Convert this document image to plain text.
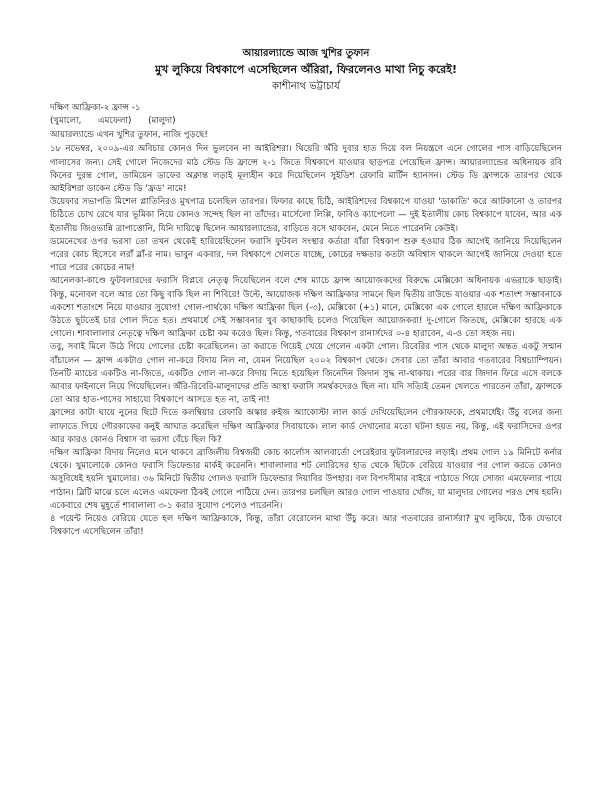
আয়ারল্যান্ডে আজ খুশির তুফান

মুখ লুকিয়ে বিশ্বকাপে এসেছিলেন অঁরিরা, ফিরলেনও মাথা নিচু করেই!

কাশীনাথ ভট্টাচার্য

দক্ষিণ আফ্রিকা-২ ফ্রান্স -১

(খুমালো, এমফেলা) (মালুদা)

আয়ারল্যান্ডে এখন খুশির তুফান, নাজি পুড়ছে!

১৮ নভেম্বর, ২০০৯-এর অবিচার কোনও দিন ভুলবেন না আইরিশরা। থিয়েরি অঁরি দুবার হাত দিয়ে বল নিয়ন্ত্রণে এনে গোলের পাস বাড়িয়েছিলেন গালাসের জন্য। সেই গোলে নিজেদের মাঠ স্টেড ডি ফ্রান্সে ২-১ জিতে বিশ্বকাপে যাওয়ার ছাড়পত্র পেয়েছিল ফ্রান্স। আয়ারল্যান্ডের অধিনায়ক রবি কিনের দুরন্ত গোল, ডামিয়েন ডাফের অক্লান্ত লড়াই মূল্যহীন করে দিয়েছিলেন সুইডিশ রেফারি মার্টিন হ্যানসন। স্টেড ডি ফ্রান্সকে তারপর থেকে আইরিশরা ডাকেন স্টেড ডি 'ফ্রড' নামে!

উয়েফার সভাপতি মিশেল প্লাতিনিরও মুখপাত্র চলেছিল তারপর। ফিফার কাছে চিঠি, আইরিশদের বিশ্বকাপে যাওয়া 'ডাকাতি' করে আটকানো ও তারপর চিঠিতে চোখ রেখে যার ভূমিকা নিয়ে কোনও সন্দেহ ছিল না তাঁদের। মার্সেলো লিপ্পি, ফাবিও ক্যাপেলো — দুই ইতালীয় কোচ বিশ্বকাপে যাবেন, আর এক ইতালীয় জিওভান্নি ত্রাপাত্তোনি, যিনি দায়িত্বে ছিলেন আয়ারল্যান্ডের, বাড়িতে বসে থাকবেন, মেনে নিতে পারেননি কেউই।

ডমেনেখের ওপর ভরসা তো তখন থেকেই হারিয়েছিলেন ফরাসি ফুটবল সংস্থার কর্তারা যাঁরা বিশ্বকাপ শুরু হওয়ার ঠিক আগেই জানিয়ে দিয়েছিলেন পরের কোচ হিসেবে লরাঁ ব্লাঁ-র নাম। ভাবুন একবার, দল বিশ্বকাপে খেলতে যাচ্ছে, কোচের দক্ষতার কতটা অবিশ্বাস থাকলে আগেই জানিয়ে দেওয়া হতে পারে পরের কোচের নাম!

আনেলকা-কাণ্ডে ফুটবলারদের ফরাসি বিপ্লবে নেতৃত্ব দিয়েছিলেন বলে শেষ ম্যাচে ফ্রান্স আয়োজকদের বিরুদ্ধে মেক্সিকো অধিনায়ক এভরাকে ছাড়াই। কিন্তু, মনোবল বলে আর তো কিছু বাকি ছিল না শিবিরে! উল্টে, আয়োজক দক্ষিণ আফ্রিকার সামনে ছিল দ্বিতীয় রাউন্ডে যাওয়ার এক শতাংশ সম্ভাবনাকে একশো শতাংশে নিয়ে যাওয়ার সুযোগ! গোল-পার্থক্যে দক্ষিণ আফ্রিকা ছিল (-৩), মেক্সিকো (+১) মানে, মেক্সিকো এক গোলে হারলে দক্ষিণ আফ্রিকাকে উঠতে ছুটতেই চার গোল দিতে হত। প্রথমার্ধে সেই সম্ভাবনার খুব কাছাকাছি চলেও গিয়েছিল আয়োজকরা! দু-গোলে জিতছে, মেক্সিকো হারছে এক গোলে। শাবালালার নেতৃত্বে দক্ষিণ আফ্রিকা চেষ্টা কম করেও ছিল। কিন্তু, গতবারের বিশ্বকাপ রানার্সদের ০-৪ হারাবেন, এ-ও তো সহজ নয়।

তবু, সবাই মিলে উঠে গিয়ে গোলের চেষ্টা করেছিলেন। তা করাতে গিয়েই খেয়ে গেলেন একটা গোল। রিবেরির পাস থেকে মালুদা অন্তত একটু সম্মান বাঁচালেন — ফ্রান্স একটাও গোল না-করে বিদায় নিল না, যেমন নিয়েছিল ২০০২ বিশ্বকাপ থেকে। সেবার তো তাঁরা আবার গতবারের বিশ্বচ্যাম্পিয়ন। তিনটি ম্যাচের একটিও না-জিতে, একটিও গোল না-করে বিদায় নিতে হয়েছিল জিনেদিন জিদান সুদ্ধ না-থাকায়। পরের বার জিদান ফিরে এসে বলকে আবার ফাইনালে নিয়ে গিয়েছিলেন। অঁরি-রিবেরি-মালুদাদের প্রতি আস্থা ফরাসি সমর্থকদেরও ছিল না। যদি সত্যিই তেমন খেলতে পারতেন তাঁরা, ফ্রান্সকে তো আর হাত-পাসের সাহায্যে বিশ্বকাপে আসতে হত না, তাই না!

ফ্রান্সের কাটা ঘায়ে নুনের ছিটে দিতে কলম্বিয়ার রেফারি অস্কার রুইজ অ্যাকোস্টা লাল কার্ড দেখিয়েছিলেন গৌরকাফকে, প্রথমার্ধেই। উঁচু বলের জন্য লাফাতে গিয়ে গৌরকাফের কনুই আঘাত করেছিল দক্ষিণ আফ্রিকার সিবায়াকে। লাল কার্ড দেখানোর মতো ঘটনা হয়ত নয়, কিন্তু, এই ফরাসিদের ওপর আর কারও কোনও বিশ্বাস বা ভরসা বেঁচে ছিল কি?

দক্ষিণ আফ্রিকা বিদায় নিলেও মনে থাকবে ব্রাজিলীয় বিশ্বজয়ী কোচ কার্লোস আলবার্তো পেরেইরার ফুটবলারদের লড়াই। প্রথম গোল ১৯ মিনিটে কর্নার থেকে। খুমালোকে কোনও ফরাসি ডিফেন্ডার মার্কই করেননি। শাবালালার শট লোরিসের হাত থেকে ছিটকে বেরিয়ে যাওয়ার পর গোল করতে কোনও অসুবিধেই হয়নি খুমালোর। ৩৬ মিনিটে দ্বিতীয় গোলও ফরাসি ডিফেন্ডার দিয়াবির উপহার। বল বিপদসীমার বাইরে পাঠাতে গিয়ে সোজা এমফেলার পায়ে পাঠান। ব্লিটি মাঝে চলে এলেও এমফেলা ঠিকই গোলে পাঠিয়ে দেন। তারপর চলছিল আরও গোল পাওয়ার খোঁজ, যা মালুদার গোলের পরও শেষ হয়নি। একেবারে শেষ মুহূর্তে শাবালালা ৩-১ করার সুযোগ পেলেও পারেননি।

৪ পয়েন্ট নিয়েও বেরিয়ে যেতে হল দক্ষিণ আফ্রিকাকে, কিন্তু, তাঁরা বেরোলেন মাথা উঁচু করে। আর গতবারের রানার্সরা? মুখ লুকিয়ে, ঠিক যেভাবে বিশ্বকাপে এসেছিলেন তাঁরা!
